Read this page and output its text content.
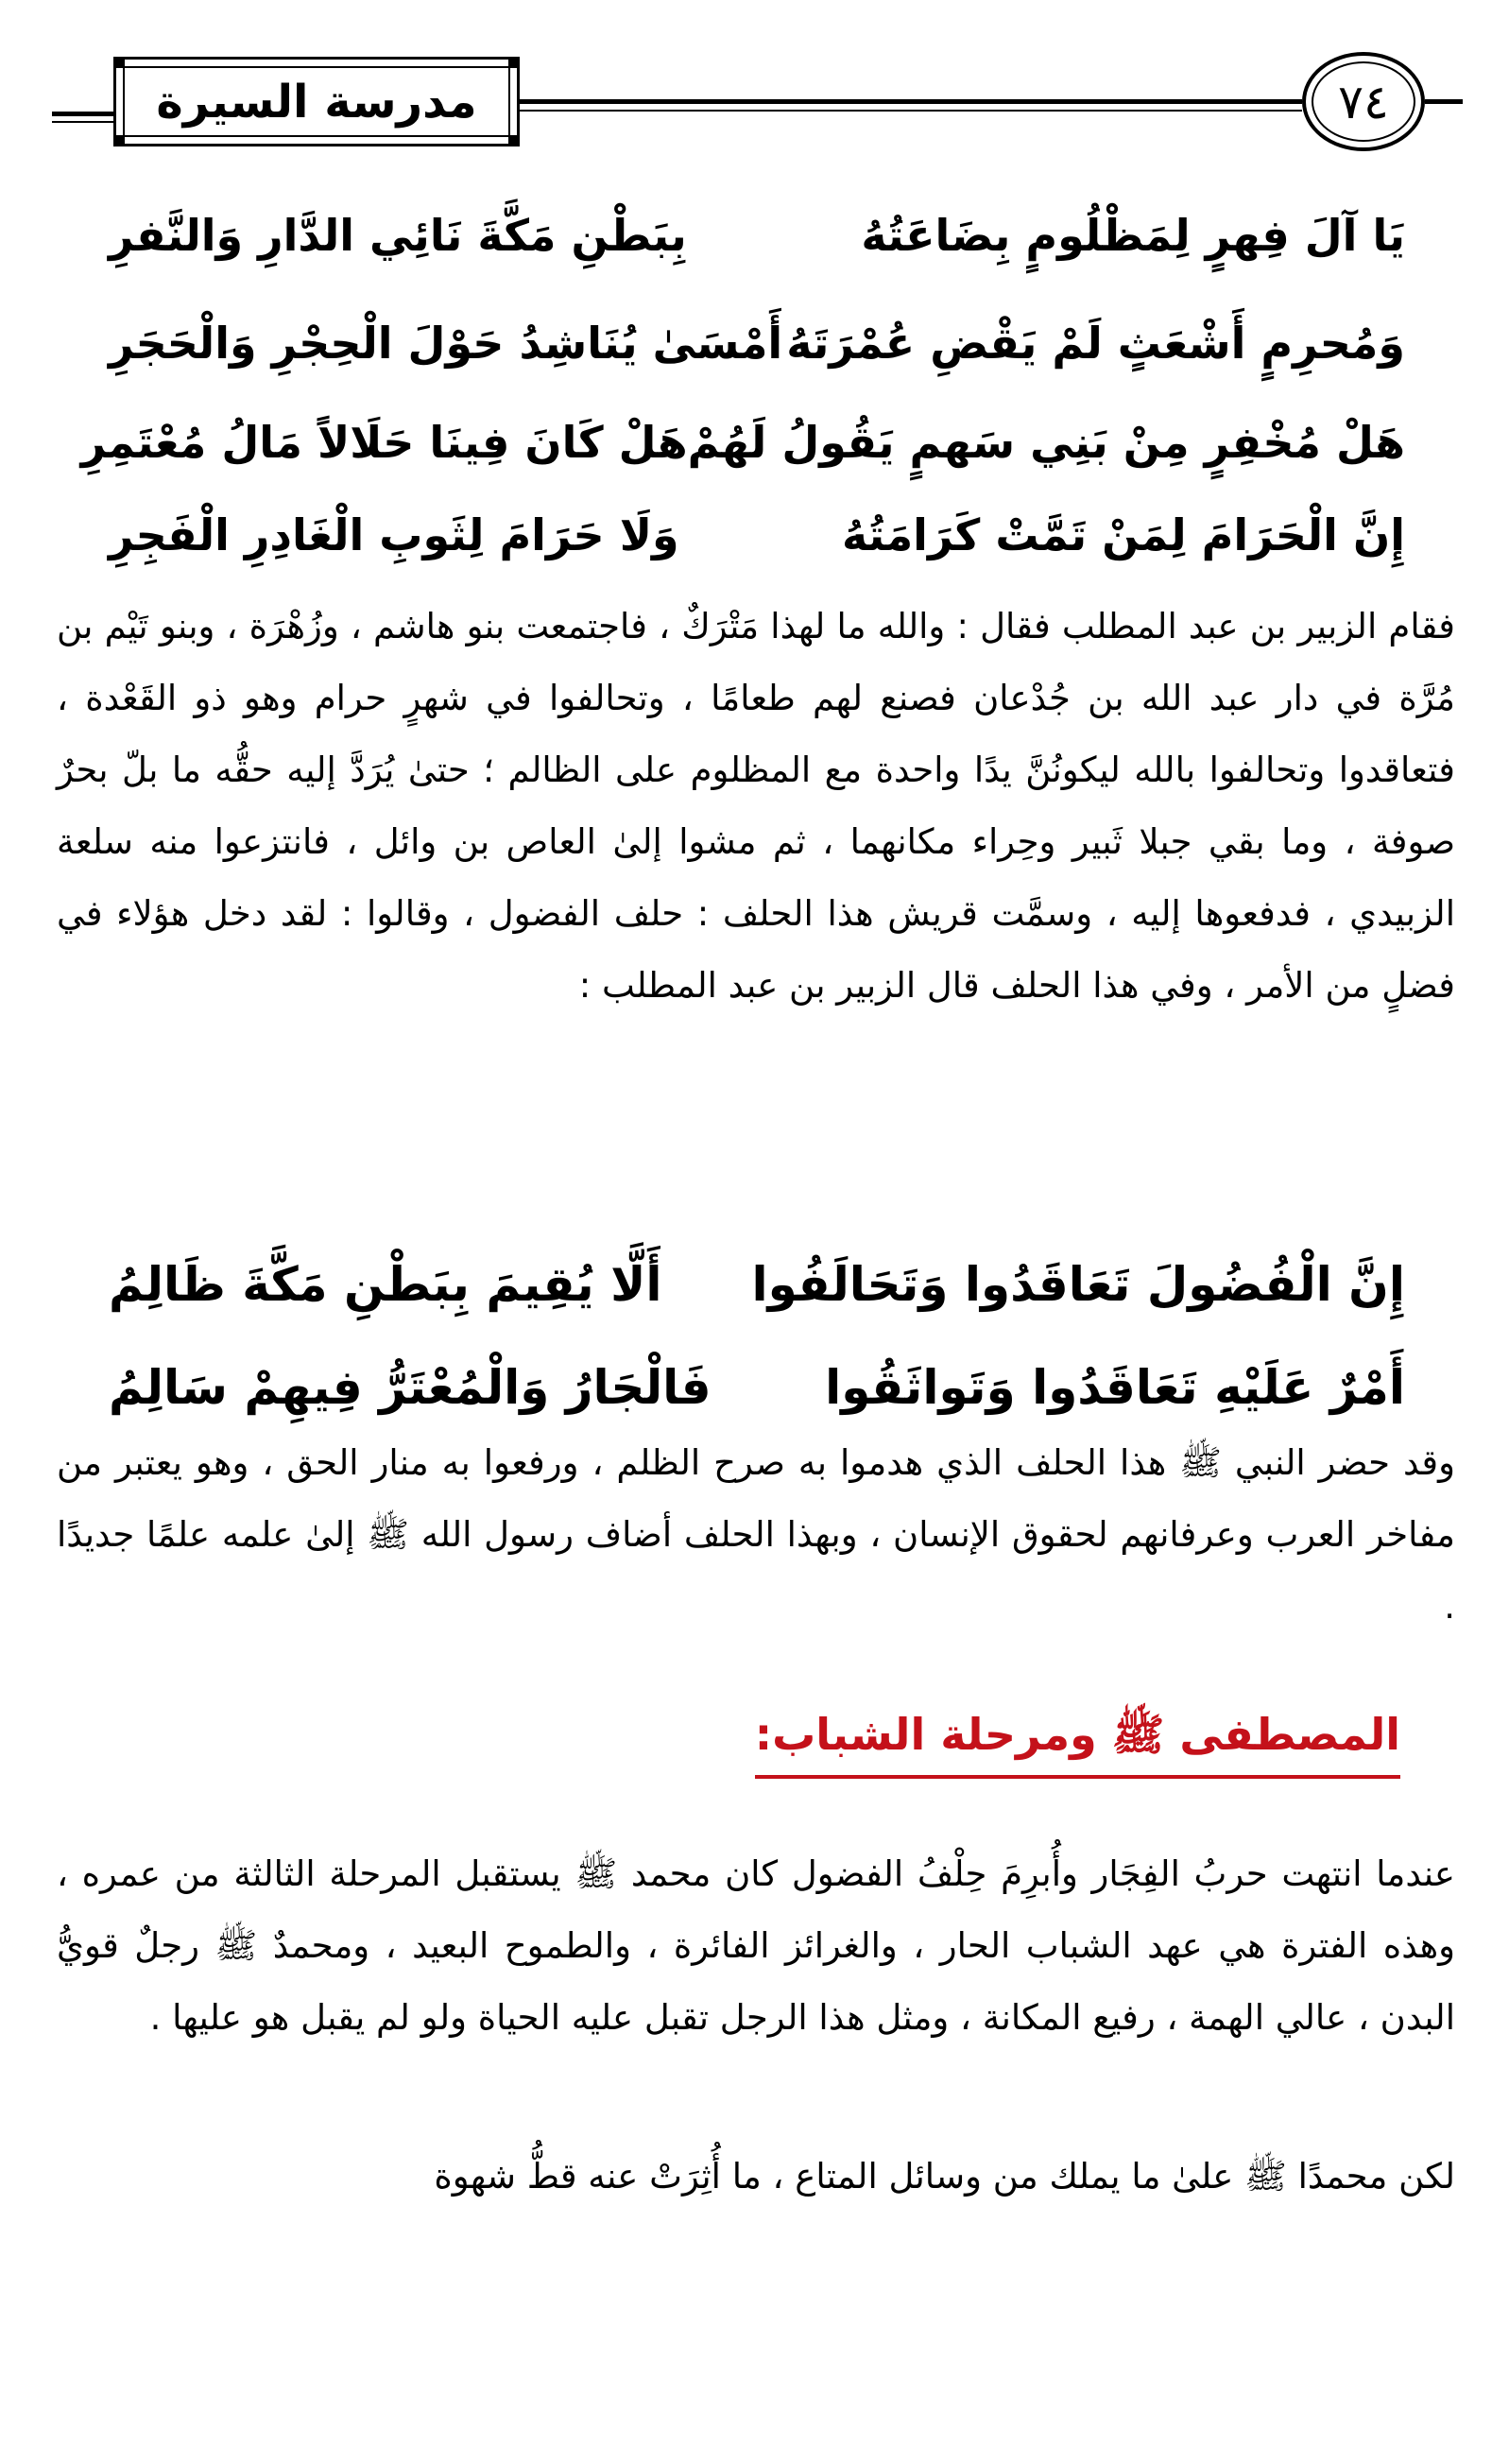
مدرسة السيرة	٧٤
يَا آلَ فِهرٍ لِمَظْلُومٍ بِضَاعَتُهُ
بِبَطْنِ مَكَّةَ نَائِي الدَّارِ وَالنَّفرِ
وَمُحرِمٍ أَشْعَثٍ لَمْ يَقْضِ عُمْرَتَهُ
أَمْسَىٰ يُنَاشِدُ حَوْلَ الْحِجْرِ وَالْحَجَرِ
هَلْ مُخْفِرٍ مِنْ بَنِي سَهمٍ يَقُولُ لَهُمْ
هَلْ كَانَ فِينَا حَلَالاً مَالُ مُعْتَمِرِ
إِنَّ الْحَرَامَ لِمَنْ تَمَّتْ كَرَامَتُهُ
وَلَا حَرَامَ لِثَوبِ الْغَادِرِ الْفَجِرِ
فقام الزبير بن عبد المطلب فقال : والله ما لهذا مَتْرَكٌ ، فاجتمعت بنو هاشم ، وزُهْرَة ، وبنو تَيْم بن مُرَّة في دار عبد الله بن جُدْعان فصنع لهم طعامًا ، وتحالفوا في شهرٍ حرام وهو ذو القَعْدة ، فتعاقدوا وتحالفوا بالله ليكونُنَّ يدًا واحدة مع المظلوم على الظالم ؛ حتىٰ يُرَدَّ إليه حقُّه ما بلّ بحرٌ صوفة ، وما بقي جبلا ثَبير وحِراء مكانهما ، ثم مشوا إلىٰ العاص بن وائل ، فانتزعوا منه سلعة الزبيدي ، فدفعوها إليه ، وسمَّت قريش هذا الحلف : حلف الفضول ، وقالوا : لقد دخل هؤلاء في فضلٍ من الأمر ، وفي هذا الحلف قال الزبير بن عبد المطلب :
إِنَّ الْفُضُولَ تَعَاقَدُوا وَتَحَالَفُوا
أَلَّا يُقِيمَ بِبَطْنِ مَكَّةَ ظَالِمُ
أَمْرٌ عَلَيْهِ تَعَاقَدُوا وَتَواثَقُوا
فَالْجَارُ وَالْمُعْتَرُّ فِيهِمْ سَالِمُ
وقد حضر النبي ﷺ هذا الحلف الذي هدموا به صرح الظلم ، ورفعوا به منار الحق ، وهو يعتبر من مفاخر العرب وعرفانهم لحقوق الإنسان ، وبهذا الحلف أضاف رسول الله ﷺ إلىٰ علمه علمًا جديدًا .
المصطفى ﷺ ومرحلة الشباب:
عندما انتهت حربُ الفِجَار وأُبرِمَ حِلْفُ الفضول كان محمد ﷺ يستقبل المرحلة الثالثة من عمره ، وهذه الفترة هي عهد الشباب الحار ، والغرائز الفائرة ، والطموح البعيد ، ومحمدٌ ﷺ رجلٌ قويُّ البدن ، عالي الهمة ، رفيع المكانة ، ومثل هذا الرجل تقبل عليه الحياة ولو لم يقبل هو عليها .
لكن محمدًا ﷺ علىٰ ما يملك من وسائل المتاع ، ما أُثِرَتْ عنه قطُّ شهوة
